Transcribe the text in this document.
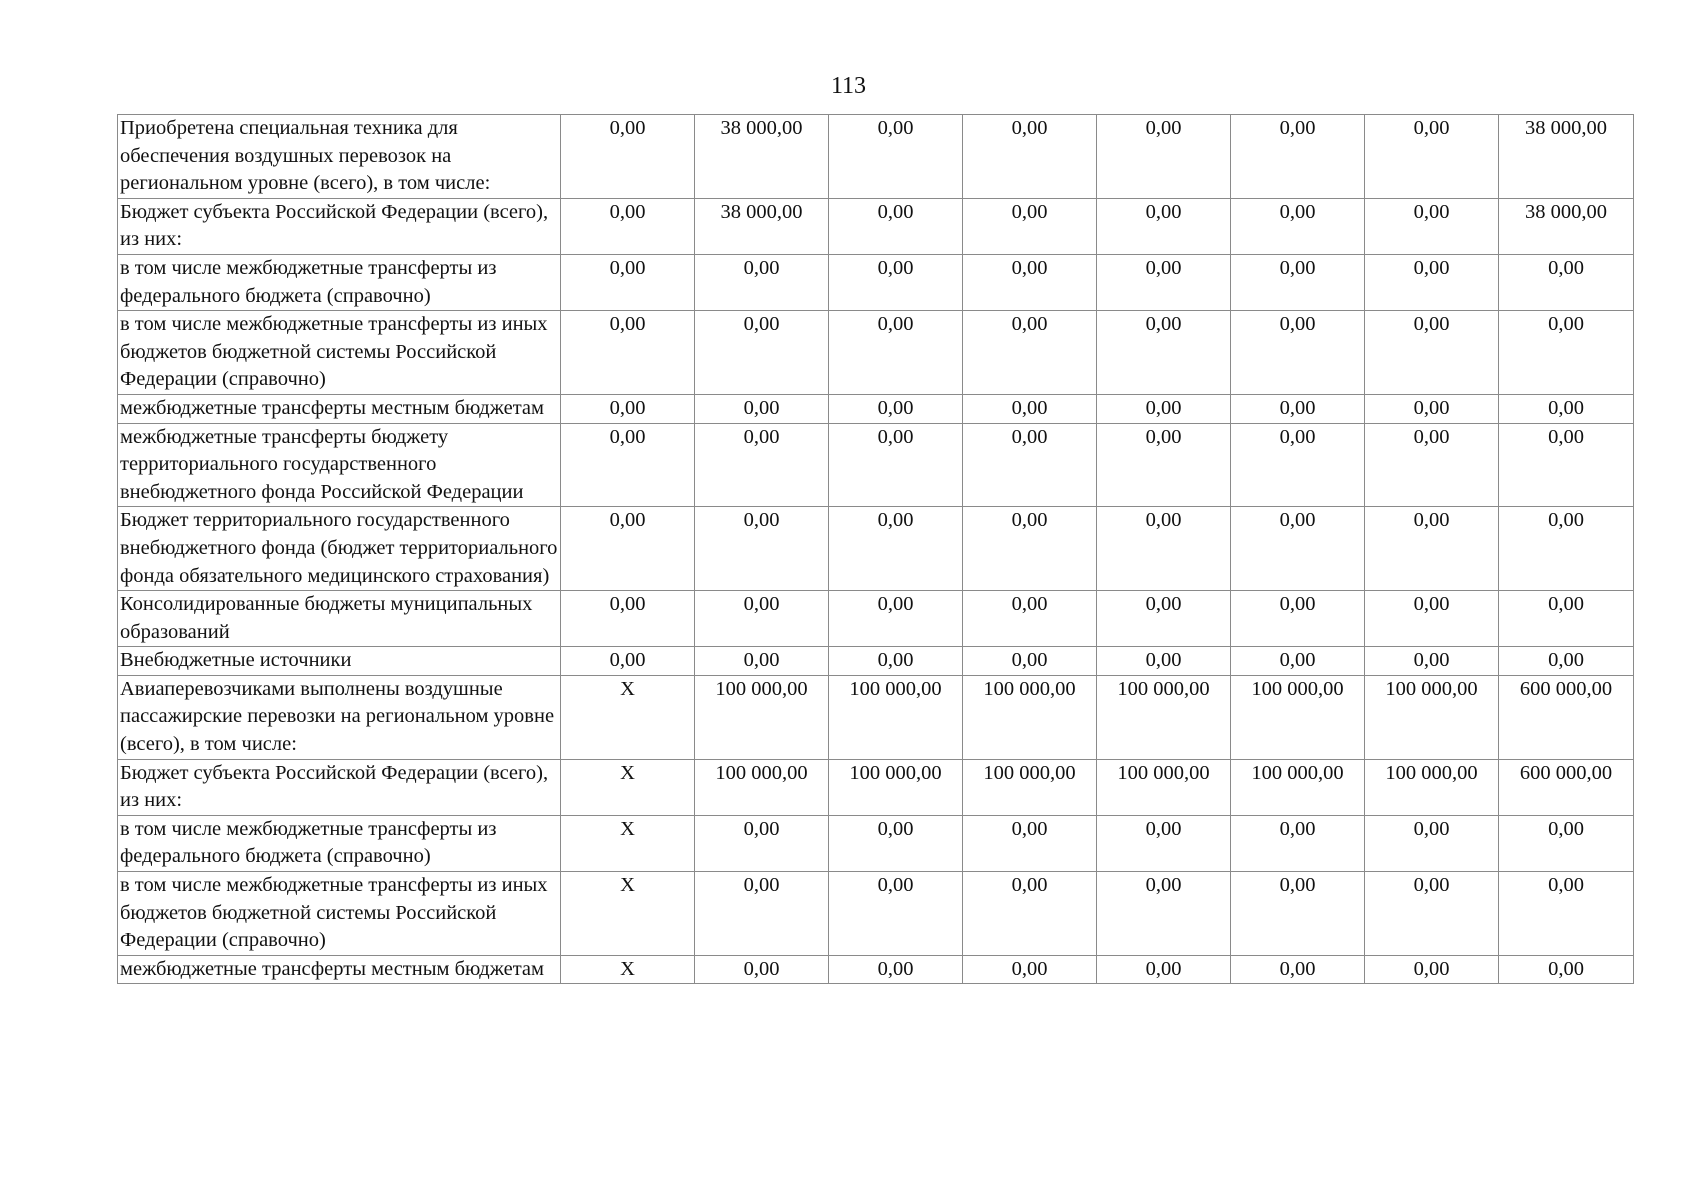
113
Приобретена специальная техника для обеспечения воздушных перевозок на региональном уровне (всего), в том числе:	0,00	38 000,00	0,00	0,00	0,00	0,00	0,00	38 000,00
Бюджет субъекта Российской Федерации (всего), из них:	0,00	38 000,00	0,00	0,00	0,00	0,00	0,00	38 000,00
в том числе межбюджетные трансферты из федерального бюджета (справочно)	0,00	0,00	0,00	0,00	0,00	0,00	0,00	0,00
в том числе межбюджетные трансферты из иных бюджетов бюджетной системы Российской Федерации (справочно)	0,00	0,00	0,00	0,00	0,00	0,00	0,00	0,00
межбюджетные трансферты местным бюджетам	0,00	0,00	0,00	0,00	0,00	0,00	0,00	0,00
межбюджетные трансферты бюджету территориального государственного внебюджетного фонда Российской Федерации	0,00	0,00	0,00	0,00	0,00	0,00	0,00	0,00
Бюджет территориального государственного внебюджетного фонда (бюджет территориального фонда обязательного медицинского страхования)	0,00	0,00	0,00	0,00	0,00	0,00	0,00	0,00
Консолидированные бюджеты муниципальных образований	0,00	0,00	0,00	0,00	0,00	0,00	0,00	0,00
Внебюджетные источники	0,00	0,00	0,00	0,00	0,00	0,00	0,00	0,00
Авиаперевозчиками выполнены воздушные пассажирские перевозки на региональном уровне (всего), в том числе:	X	100 000,00	100 000,00	100 000,00	100 000,00	100 000,00	100 000,00	600 000,00
Бюджет субъекта Российской Федерации (всего), из них:	X	100 000,00	100 000,00	100 000,00	100 000,00	100 000,00	100 000,00	600 000,00
в том числе межбюджетные трансферты из федерального бюджета (справочно)	X	0,00	0,00	0,00	0,00	0,00	0,00	0,00
в том числе межбюджетные трансферты из иных бюджетов бюджетной системы Российской Федерации (справочно)	X	0,00	0,00	0,00	0,00	0,00	0,00	0,00
межбюджетные трансферты местным бюджетам	X	0,00	0,00	0,00	0,00	0,00	0,00	0,00
